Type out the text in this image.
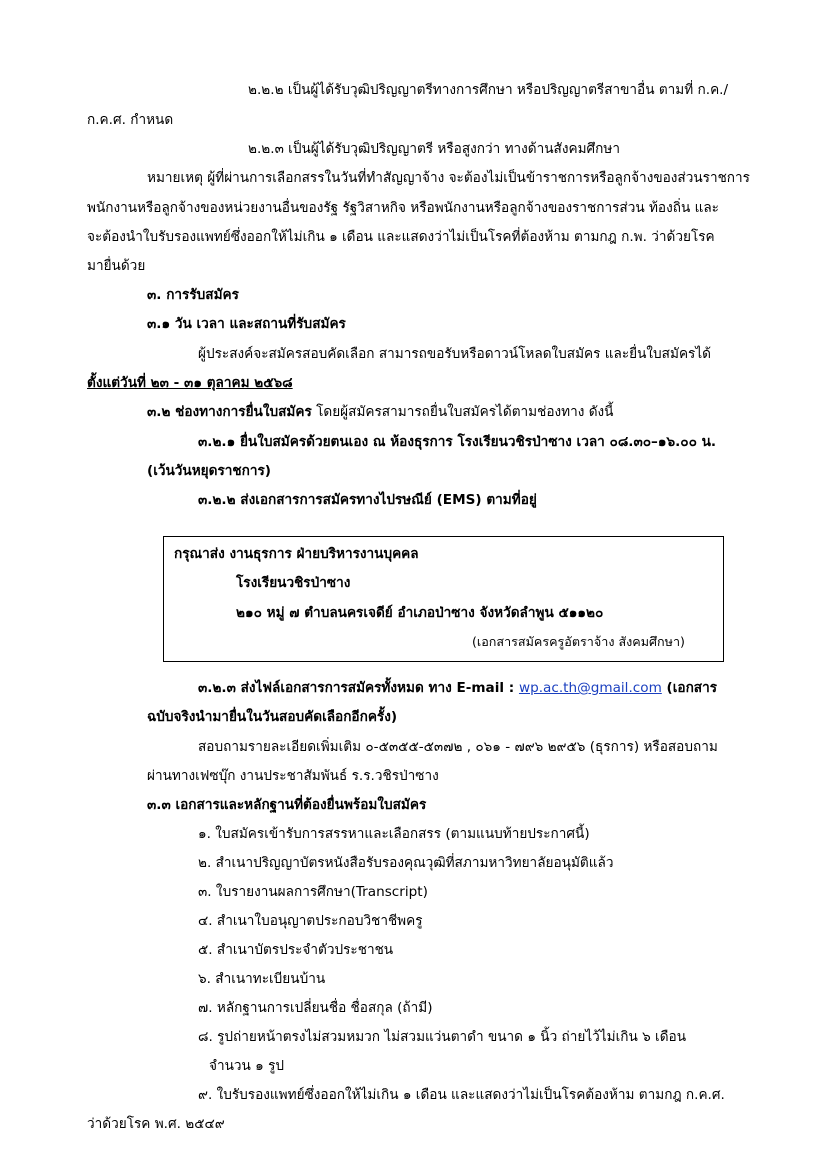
๒.๒.๒ เป็นผู้ได้รับวุฒิปริญญาตรีทางการศึกษา หรือปริญญาตรีสาขาอื่น ตามที่ ก.ค./
ก.ค.ศ. กำหนด
๒.๒.๓ เป็นผู้ได้รับวุฒิปริญญาตรี หรือสูงกว่า ทางด้านสังคมศึกษา
หมายเหตุ ผู้ที่ผ่านการเลือกสรรในวันที่ทำสัญญาจ้าง จะต้องไม่เป็นข้าราชการหรือลูกจ้างของส่วนราชการ
พนักงานหรือลูกจ้างของหน่วยงานอื่นของรัฐ รัฐวิสาหกิจ หรือพนักงานหรือลูกจ้างของราชการส่วน ท้องถิ่น และ
จะต้องนำใบรับรองแพทย์ซึ่งออกให้ไม่เกิน ๑ เดือน และแสดงว่าไม่เป็นโรคที่ต้องห้าม ตามกฎ ก.พ. ว่าด้วยโรค
มายื่นด้วย
๓. การรับสมัคร
๓.๑ วัน เวลา และสถานที่รับสมัคร
ผู้ประสงค์จะสมัครสอบคัดเลือก สามารถขอรับหรือดาวน์โหลดใบสมัคร และยื่นใบสมัครได้
ตั้งแต่วันที่ ๒๓ - ๓๑ ตุลาคม ๒๕๖๘
๓.๒ ช่องทางการยื่นใบสมัคร โดยผู้สมัครสามารถยื่นใบสมัครได้ตามช่องทาง ดังนี้
๓.๒.๑ ยื่นใบสมัครด้วยตนเอง ณ ห้องธุรการ โรงเรียนวชิรป่าซาง เวลา ๐๘.๓๐–๑๖.๐๐ น.
(เว้นวันหยุดราชการ)
๓.๒.๒ ส่งเอกสารการสมัครทางไปรษณีย์ (EMS) ตามที่อยู่
กรุณาส่ง งานธุรการ ฝ่ายบริหารงานบุคคล
โรงเรียนวชิรป่าซาง
๒๑๐ หมู่ ๗ ตำบลนครเจดีย์ อำเภอป่าซาง จังหวัดลำพูน ๕๑๑๒๐
(เอกสารสมัครครูอัตราจ้าง สังคมศึกษา)
๓.๒.๓ ส่งไฟล์เอกสารการสมัครทั้งหมด ทาง E-mail : wp.ac.th@gmail.com (เอกสาร
ฉบับจริงนำมายื่นในวันสอบคัดเลือกอีกครั้ง)
สอบถามรายละเอียดเพิ่มเติม ๐-๕๓๕๕-๕๓๗๒ , ๐๖๑ - ๗๙๖ ๒๙๕๖ (ธุรการ) หรือสอบถาม
ผ่านทางเฟซบุ๊ก งานประชาสัมพันธ์ ร.ร.วชิรป่าซาง
๓.๓ เอกสารและหลักฐานที่ต้องยื่นพร้อมใบสมัคร
๑. ใบสมัครเข้ารับการสรรหาและเลือกสรร (ตามแนบท้ายประกาศนี้)
๒. สำเนาปริญญาบัตรหนังสือรับรองคุณวุฒิที่สภามหาวิทยาลัยอนุมัติแล้ว
๓. ใบรายงานผลการศึกษา(Transcript)
๔. สำเนาใบอนุญาตประกอบวิชาชีพครู
๕. สำเนาบัตรประจำตัวประชาชน
๖. สำเนาทะเบียนบ้าน
๗. หลักฐานการเปลี่ยนชื่อ ชื่อสกุล (ถ้ามี)
๘. รูปถ่ายหน้าตรงไม่สวมหมวก ไม่สวมแว่นตาดำ ขนาด ๑ นิ้ว ถ่ายไว้ไม่เกิน ๖ เดือน
จำนวน ๑ รูป
๙. ใบรับรองแพทย์ซึ่งออกให้ไม่เกิน ๑ เดือน และแสดงว่าไม่เป็นโรคต้องห้าม ตามกฎ ก.ค.ศ.
ว่าด้วยโรค พ.ศ. ๒๕๔๙
